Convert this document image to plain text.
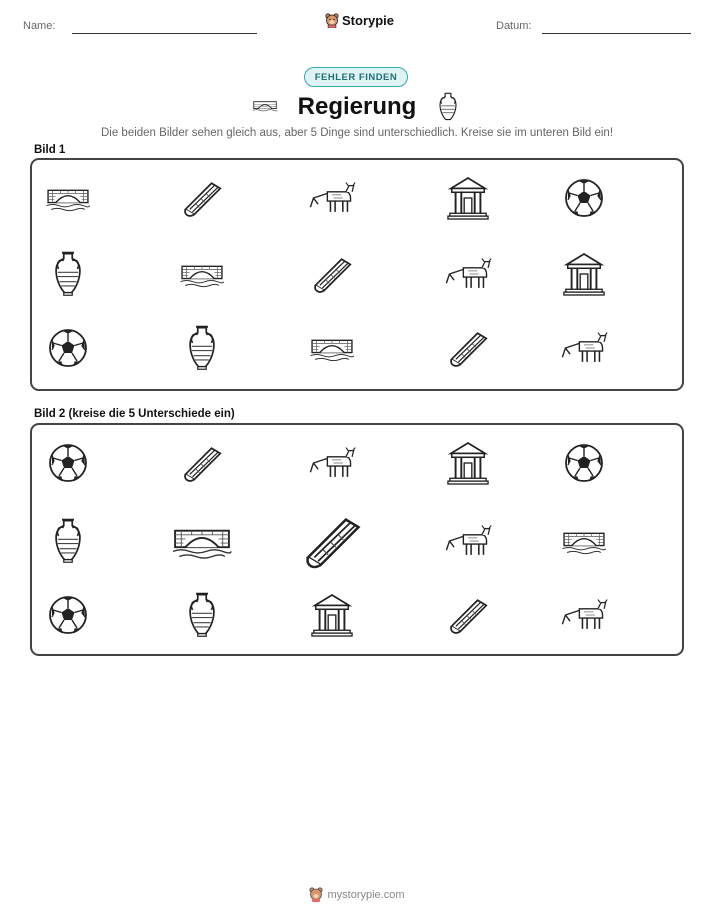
Name:	Storypie	Datum:
FEHLER FINDEN
Regierung
Die beiden Bilder sehen gleich aus, aber 5 Dinge sind unterschiedlich. Kreise sie im unteren Bild ein!
Bild 1
Bild 2 (kreise die 5 Unterschiede ein)
mystorypie.com
